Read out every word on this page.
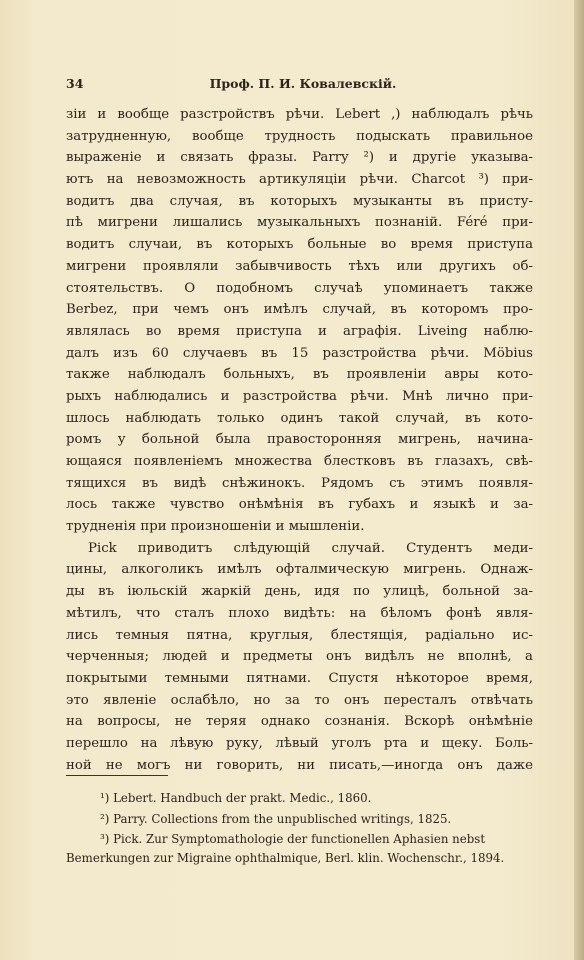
34	Проф. П. И. Ковалевскій.
зіи и вообще разстройствъ рѣчи. Lebert ,) наблюдалъ рѣчь
затрудненную, вообще трудность подыскать правильное
выраженіе и связать фразы. Parry ²) и другіе указыва-
ютъ на невозможность артикуляціи рѣчи. Charcot ³) при-
водитъ два случая, въ которыхъ музыканты въ присту-
пѣ мигрени лишались музыкальныхъ познаній. Féré при-
водитъ случаи, въ которыхъ больные во время приступа
мигрени проявляли забывчивость тѣхъ или другихъ об-
стоятельствъ. О подобномъ случаѣ упоминаетъ также
Berbez, при чемъ онъ имѣлъ случай, въ которомъ про-
являлась во время приступа и аграфія. Liveing наблю-
далъ изъ 60 случаевъ въ 15 разстройства рѣчи. Möbius
также наблюдалъ больныхъ, въ проявленіи авры кото-
рыхъ наблюдались и разстройства рѣчи. Мнѣ лично при-
шлось наблюдать только одинъ такой случай, въ кото-
ромъ у больной была правосторонняя мигрень, начина-
ющаяся появленіемъ множества блестковъ въ глазахъ, свѣ-
тящихся въ видѣ снѣжинокъ. Рядомъ съ этимъ появля-
лось также чувство онѣмѣнія въ губахъ и языкѣ и за-
трудненія при произношеніи и мышленіи.
Pick приводитъ слѣдующій случай. Студентъ меди-
цины, алкоголикъ имѣлъ офталмическую мигрень. Однаж-
ды въ іюльскій жаркій день, идя по улицѣ, больной за-
мѣтилъ, что сталъ плохо видѣть: на бѣломъ фонѣ явля-
лись темныя пятна, круглыя, блестящія, радіально ис-
черченныя; людей и предметы онъ видѣлъ не вполнѣ, а
покрытыми темными пятнами. Спустя нѣкоторое время,
это явленіе ослабѣло, но за то онъ пересталъ отвѣчать
на вопросы, не теряя однако сознанія. Вскорѣ онѣмѣніе
перешло на лѣвую руку, лѣвый уголъ рта и щеку. Боль-
ной не могъ ни говорить, ни писать,—иногда онъ даже
¹) Lebert. Handbuch der prakt. Medic., 1860.
²) Parry. Collections from the unpublisched writings, 1825.
³) Pick. Zur Symptomathologie der functionellen Aphasien nebst
Bemerkungen zur Migraine ophthalmique, Berl. klin. Wochenschr., 1894.
